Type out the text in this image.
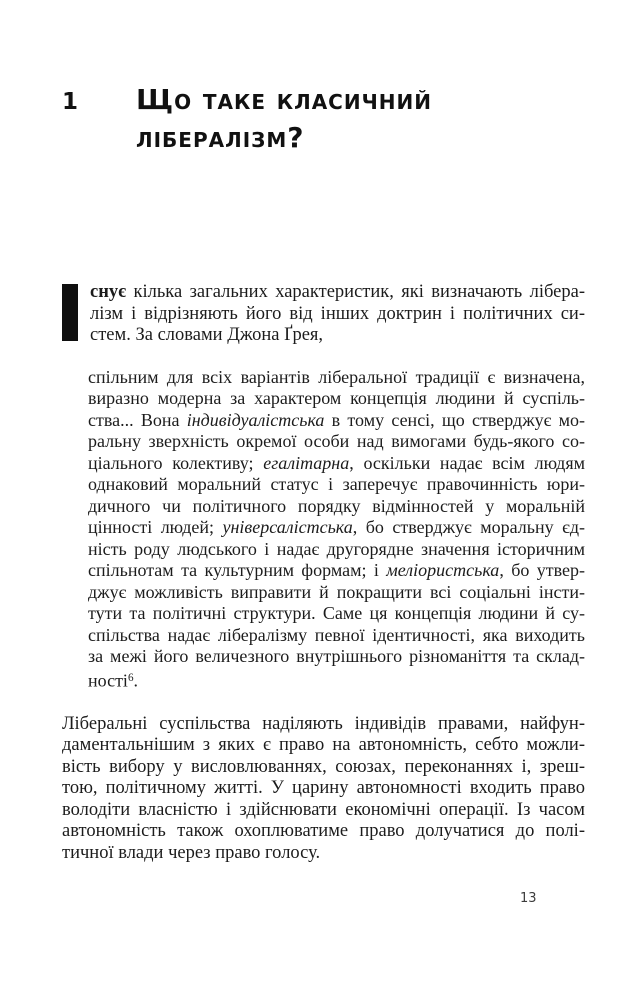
1	Що таке класичний
лібералізм?
снує кілька загальних характеристик, які визначають лібера-
лізм і відрізняють його від інших доктрин і політичних си-
стем. За словами Джона Ґрея,
спільним для всіх варіантів ліберальної традиції є визначена,
виразно модерна за характером концепція людини й суспіль-
ства... Вона індивідуалістська в тому сенсі, що стверджує мо-
ральну зверхність окремої особи над вимогами будь-якого со-
ціального колективу; егалітарна, оскільки надає всім людям
однаковий моральний статус і заперечує правочинність юри-
дичного чи політичного порядку відмінностей у моральній
цінності людей; універсалістська, бо стверджує моральну єд-
ність роду людського і надає другорядне значення історичним
спільнотам та культурним формам; і меліористська, бо утвер-
джує можливість виправити й покращити всі соціальні інсти-
тути та політичні структури. Саме ця концепція людини й су-
спільства надає лібералізму певної ідентичності, яка виходить
за межі його величезного внутрішнього різноманіття та склад-
ності$^6$.
Ліберальні суспільства наділяють індивідів правами, найфун-
даментальнішим з яких є право на автономність, себто можли-
вість вибору у висловлюваннях, союзах, переконаннях і, зреш-
тою, політичному житті. У царину автономності входить право
володіти власністю і здійснювати економічні операції. Із часом
автономність також охоплюватиме право долучатися до полі-
тичної влади через право голосу.
13
